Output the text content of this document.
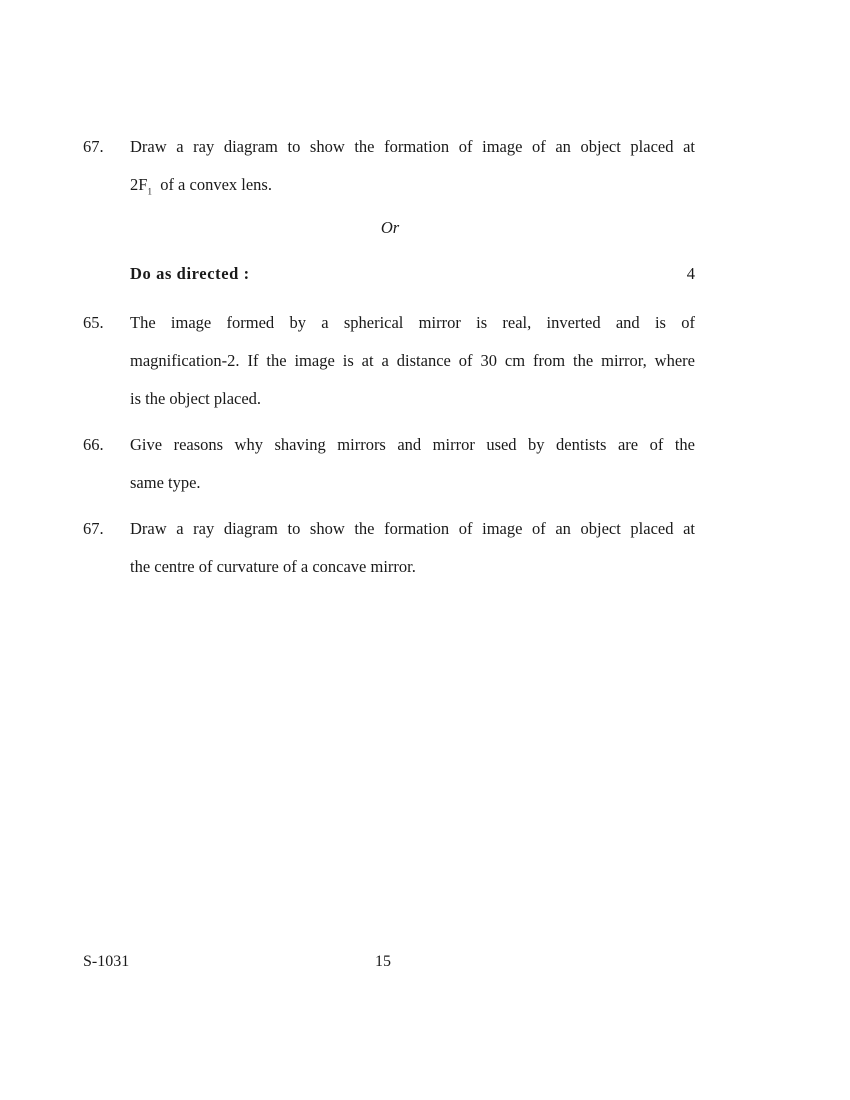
67.	Draw a ray diagram to show the formation of image of an object placed at
$2F_1$ of a convex lens.
Or
Do as directed :	4
65.	The image formed by a spherical mirror is real, inverted and is of
magnification-2. If the image is at a distance of 30 cm from the mirror, where
is the object placed.
66.	Give reasons why shaving mirrors and mirror used by dentists are of the
same type.
67.	Draw a ray diagram to show the formation of image of an object placed at
the centre of curvature of a concave mirror.
S-1031	15
